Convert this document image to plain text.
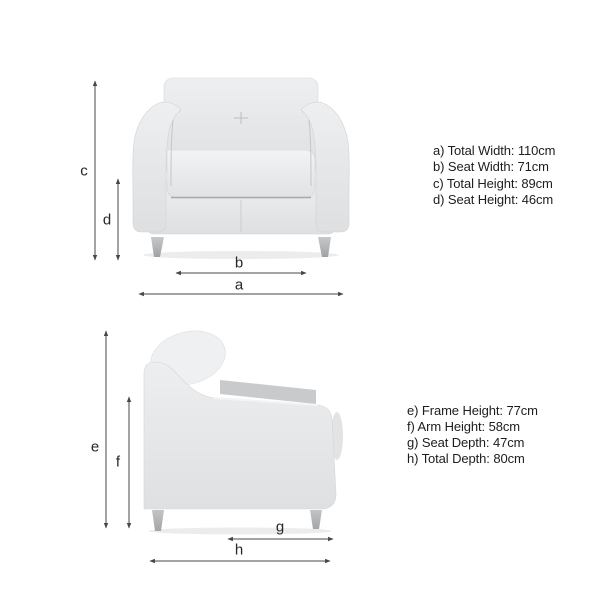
c
d
b
a
e
f
g
h
a) Total Width: 110cm
b) Seat Width: 71cm
c) Total Height: 89cm
d) Seat Height: 46cm
e) Frame Height: 77cm
f) Arm Height: 58cm
g) Seat Depth: 47cm
h) Total Depth: 80cm
